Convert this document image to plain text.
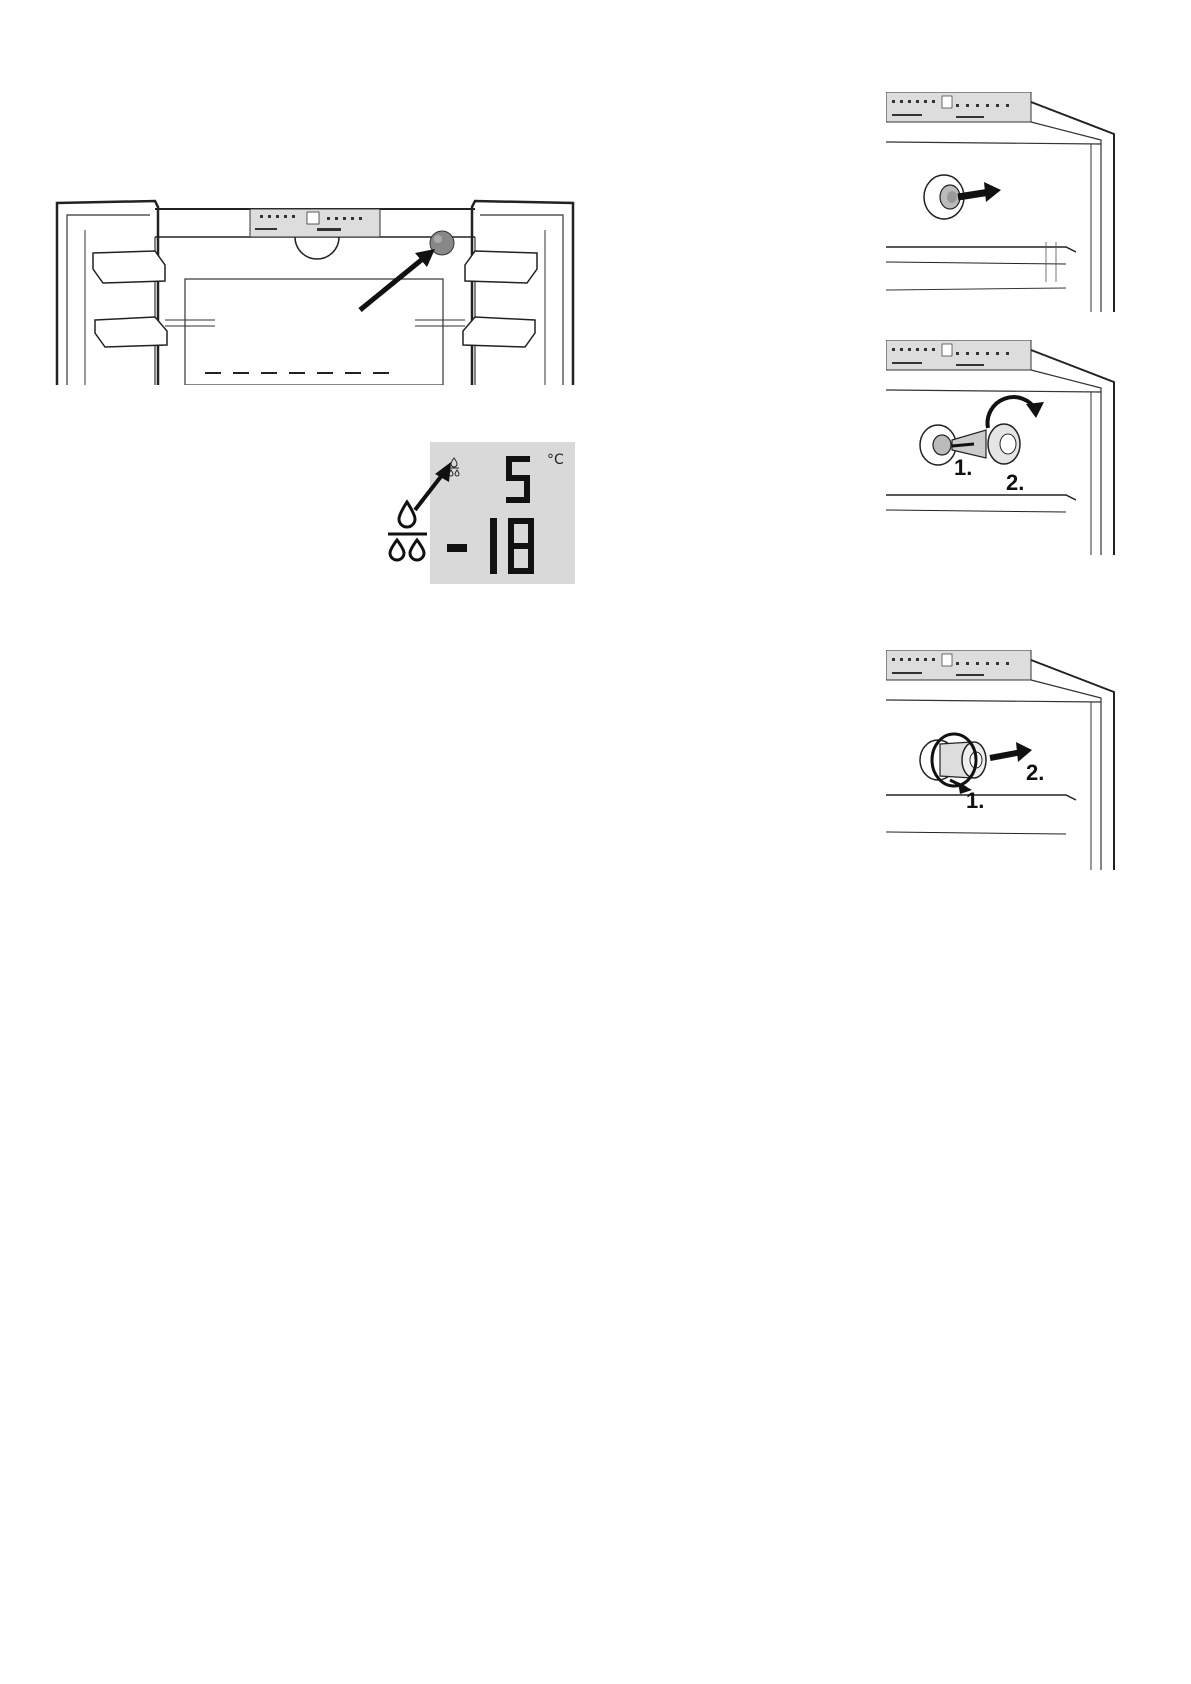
°C	1.
2.
2.
1.
